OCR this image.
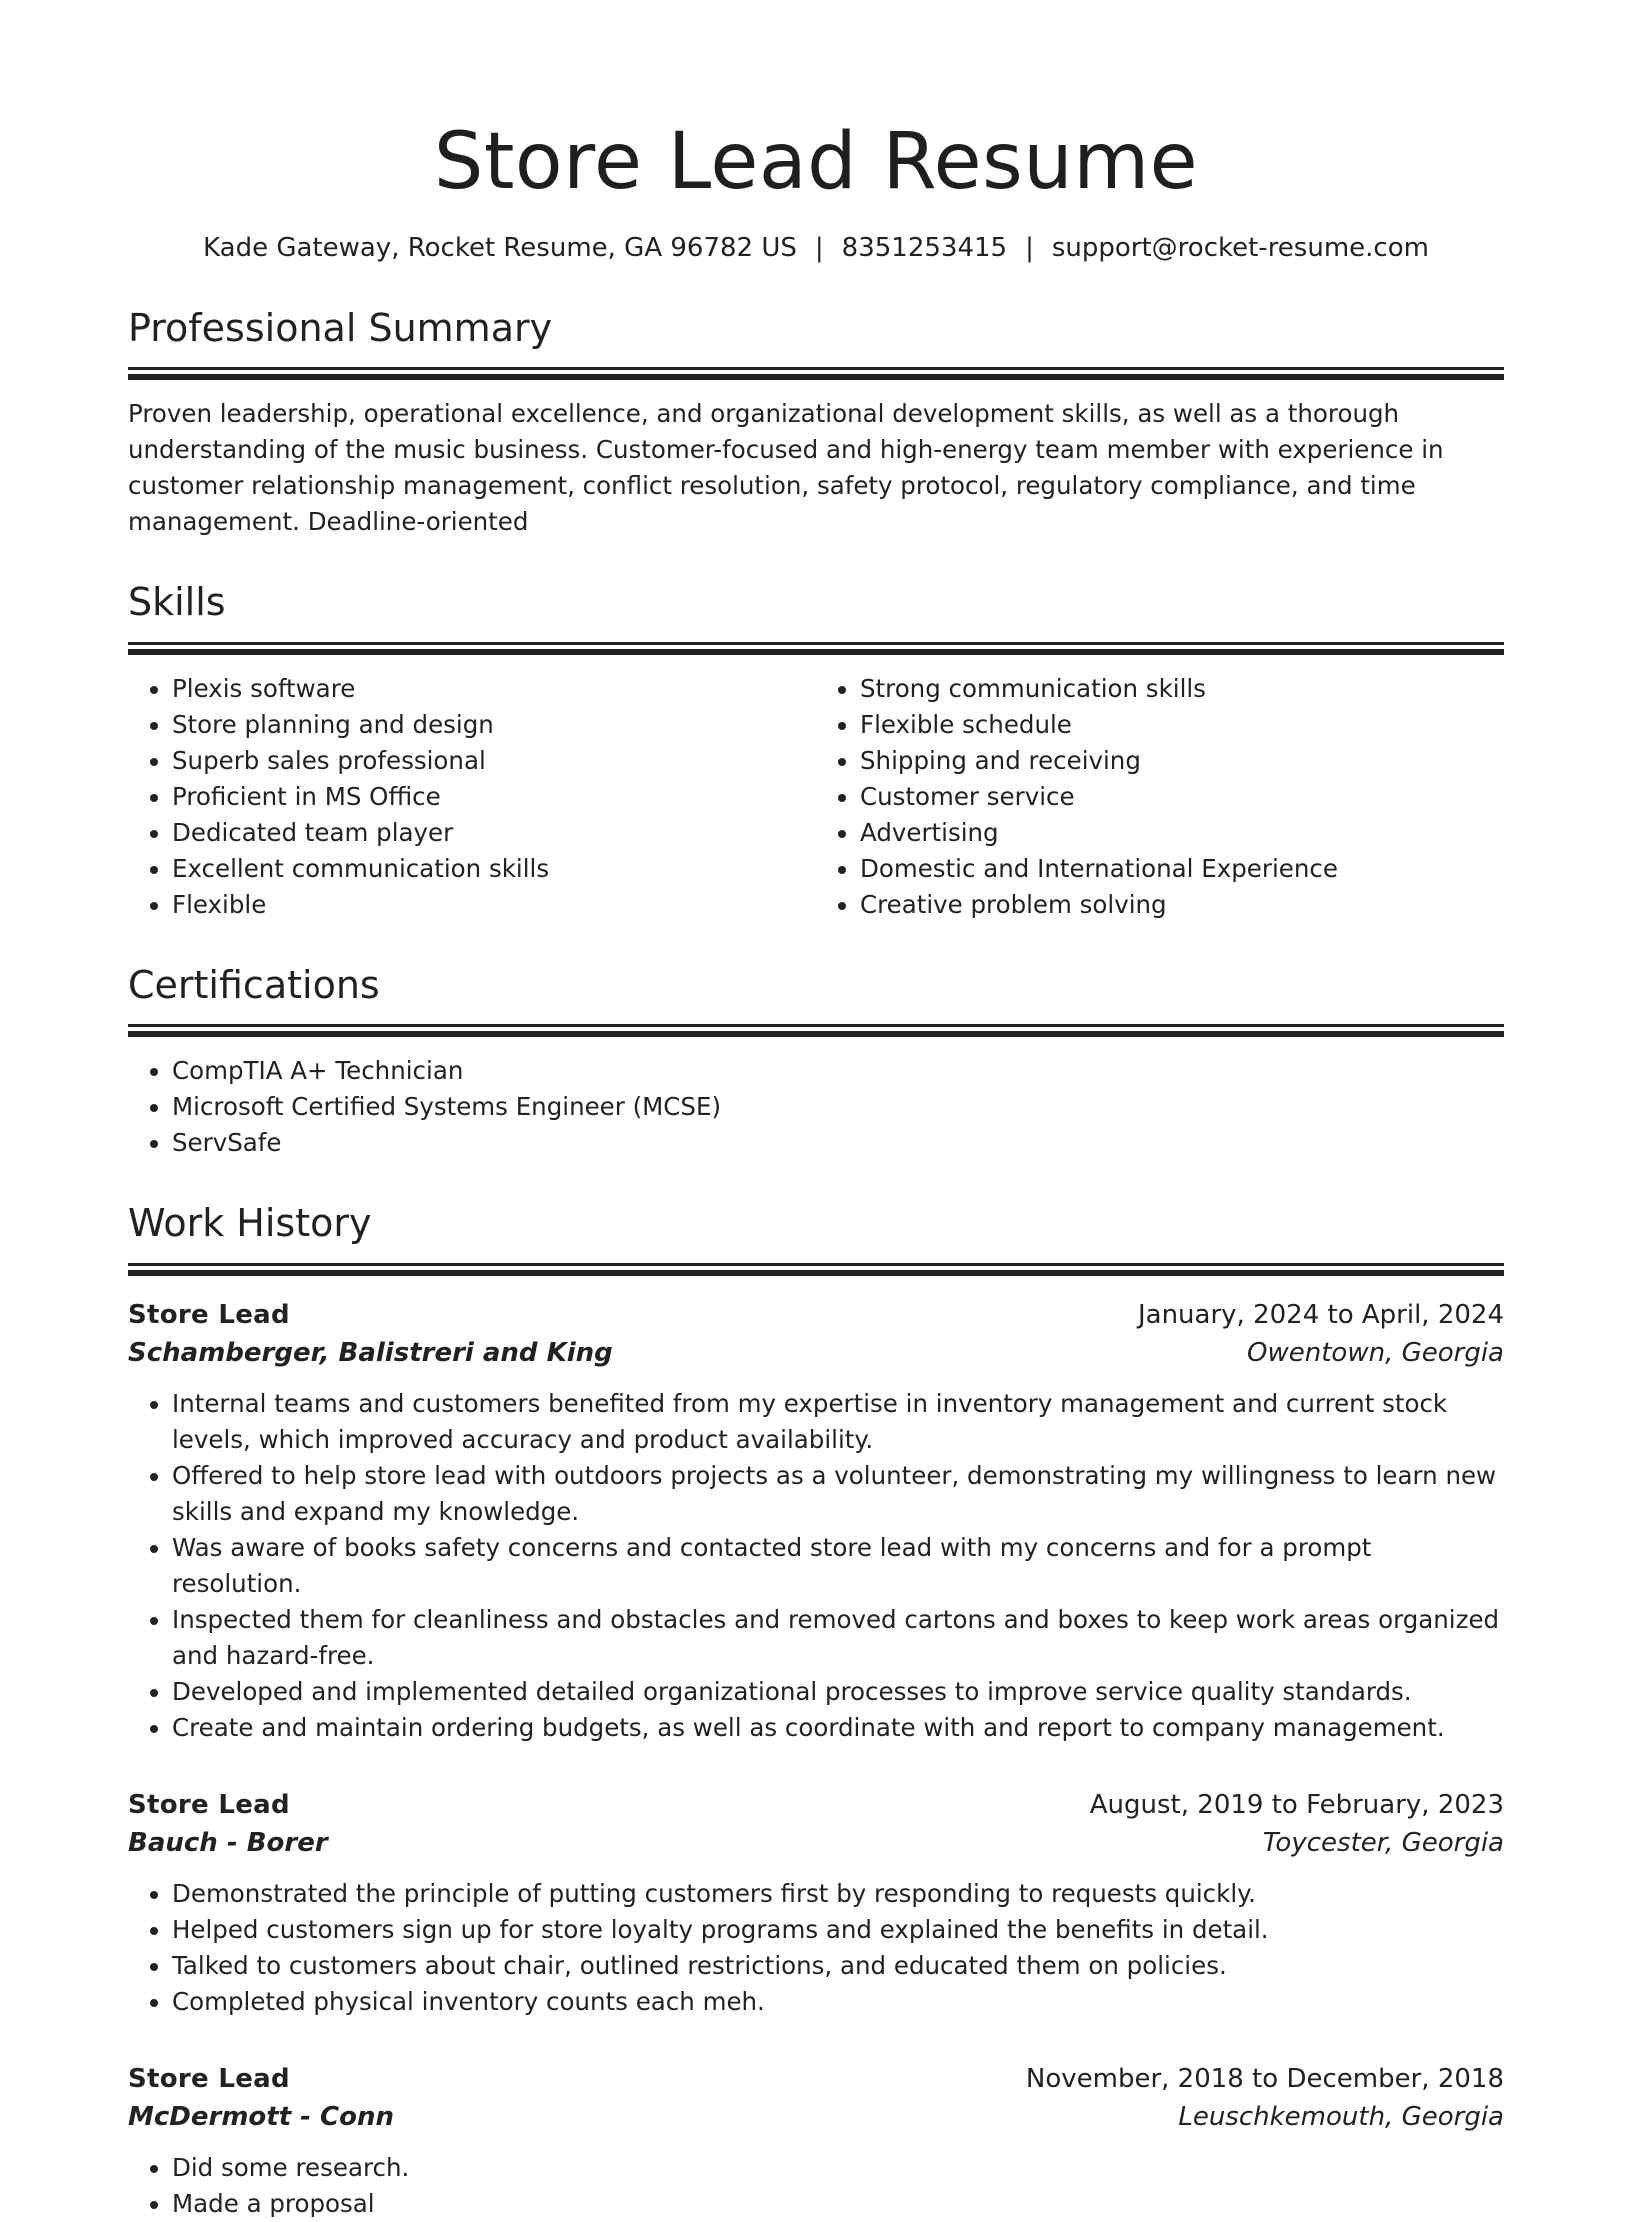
Store Lead Resume
Kade Gateway, Rocket Resume, GA 96782 US | 8351253415 | support@rocket-resume.com
Professional Summary
Proven leadership, operational excellence, and organizational development skills, as well as a thorough understanding of the music business. Customer-focused and high-energy team member with experience in customer relationship management, conflict resolution, safety protocol, regulatory compliance, and time management. Deadline-oriented
Skills
• Plexis software
• Store planning and design
• Superb sales professional
• Proficient in MS Office
• Dedicated team player
• Excellent communication skills
• Flexible
• Strong communication skills
• Flexible schedule
• Shipping and receiving
• Customer service
• Advertising
• Domestic and International Experience
• Creative problem solving
Certifications
• CompTIA A+ Technician
• Microsoft Certified Systems Engineer (MCSE)
• ServSafe
Work History
Store Lead	January, 2024 to April, 2024
Schamberger, Balistreri and King	Owentown, Georgia
• Internal teams and customers benefited from my expertise in inventory management and current stock levels, which improved accuracy and product availability.
• Offered to help store lead with outdoors projects as a volunteer, demonstrating my willingness to learn new skills and expand my knowledge.
• Was aware of books safety concerns and contacted store lead with my concerns and for a prompt resolution.
• Inspected them for cleanliness and obstacles and removed cartons and boxes to keep work areas organized and hazard-free.
• Developed and implemented detailed organizational processes to improve service quality standards.
• Create and maintain ordering budgets, as well as coordinate with and report to company management.
Store Lead	August, 2019 to February, 2023
Bauch - Borer	Toycester, Georgia
• Demonstrated the principle of putting customers first by responding to requests quickly.
• Helped customers sign up for store loyalty programs and explained the benefits in detail.
• Talked to customers about chair, outlined restrictions, and educated them on policies.
• Completed physical inventory counts each meh.
Store Lead	November, 2018 to December, 2018
McDermott - Conn	Leuschkemouth, Georgia
• Did some research.
• Made a proposal
